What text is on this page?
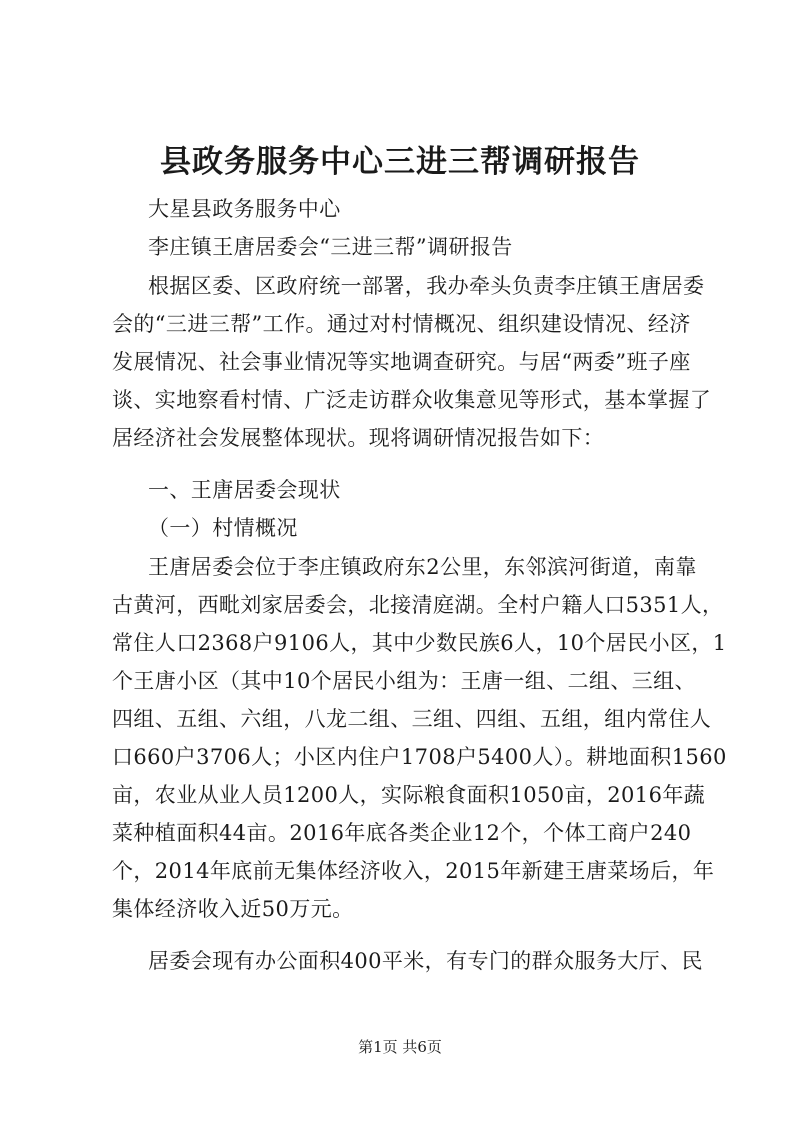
县政务服务中心三进三帮调研报告

大星县政务服务中心

李庄镇王唐居委会“三进三帮”调研报告

根据区委、区政府统一部署，我办牵头负责李庄镇王唐居委

会的“三进三帮”工作。通过对村情概况、组织建设情况、经济

发展情况、社会事业情况等实地调查研究。与居“两委”班子座

谈、实地察看村情、广泛走访群众收集意见等形式，基本掌握了

居经济社会发展整体现状。现将调研情况报告如下：

一、王唐居委会现状

（一）村情概况

王唐居委会位于李庄镇政府东2公里，东邻滨河街道，南靠

古黄河，西毗刘家居委会，北接清庭湖。全村户籍人口5351人，

常住人口2368户9106人，其中少数民族6人，10个居民小区，1

个王唐小区（其中10个居民小组为：王唐一组、二组、三组、

四组、五组、六组，八龙二组、三组、四组、五组，组内常住人

口660户3706人；小区内住户1708户5400人）。耕地面积1560

亩，农业从业人员1200人，实际粮食面积1050亩，2016年蔬

菜种植面积44亩。2016年底各类企业12个，个体工商户240

个，2014年底前无集体经济收入，2015年新建王唐菜场后，年

集体经济收入近50万元。

居委会现有办公面积400平米，有专门的群众服务大厅、民

第1页 共6页
